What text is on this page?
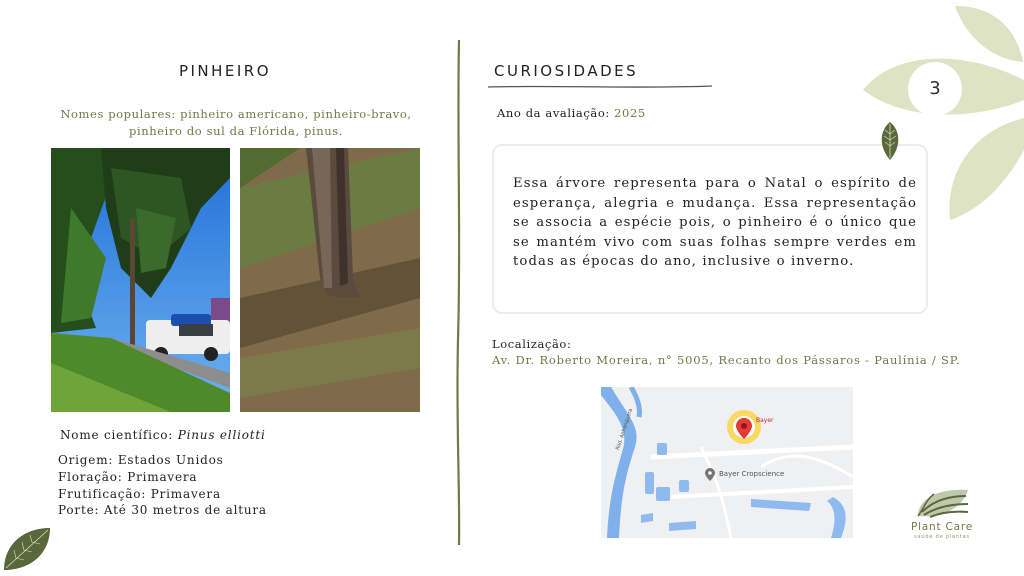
PINHEIRO
Nomes populares: pinheiro americano, pinheiro-bravo,
pinheiro do sul da Flórida, pinus.
Nome científico: Pinus elliotti
Origem: Estados Unidos
Floração: Primavera
Frutificação: Primavera
Porte: Até 30 metros de altura
CURIOSIDADES
Ano da avaliação: 2025
Essa árvore representa para o Natal o espírito de esperança, alegria e mudança. Essa representação se associa a espécie pois, o pinheiro é o único que se mantém vivo com suas folhas sempre verdes em todas as épocas do ano, inclusive o inverno.
Localização:
Av. Dr. Roberto Moreira, n° 5005, Recanto dos Pássaros - Paulínia / SP.
Bayer
Bayer Cropscience
Rod. Anhanguera
3
Plant Care
saúde de plantas
